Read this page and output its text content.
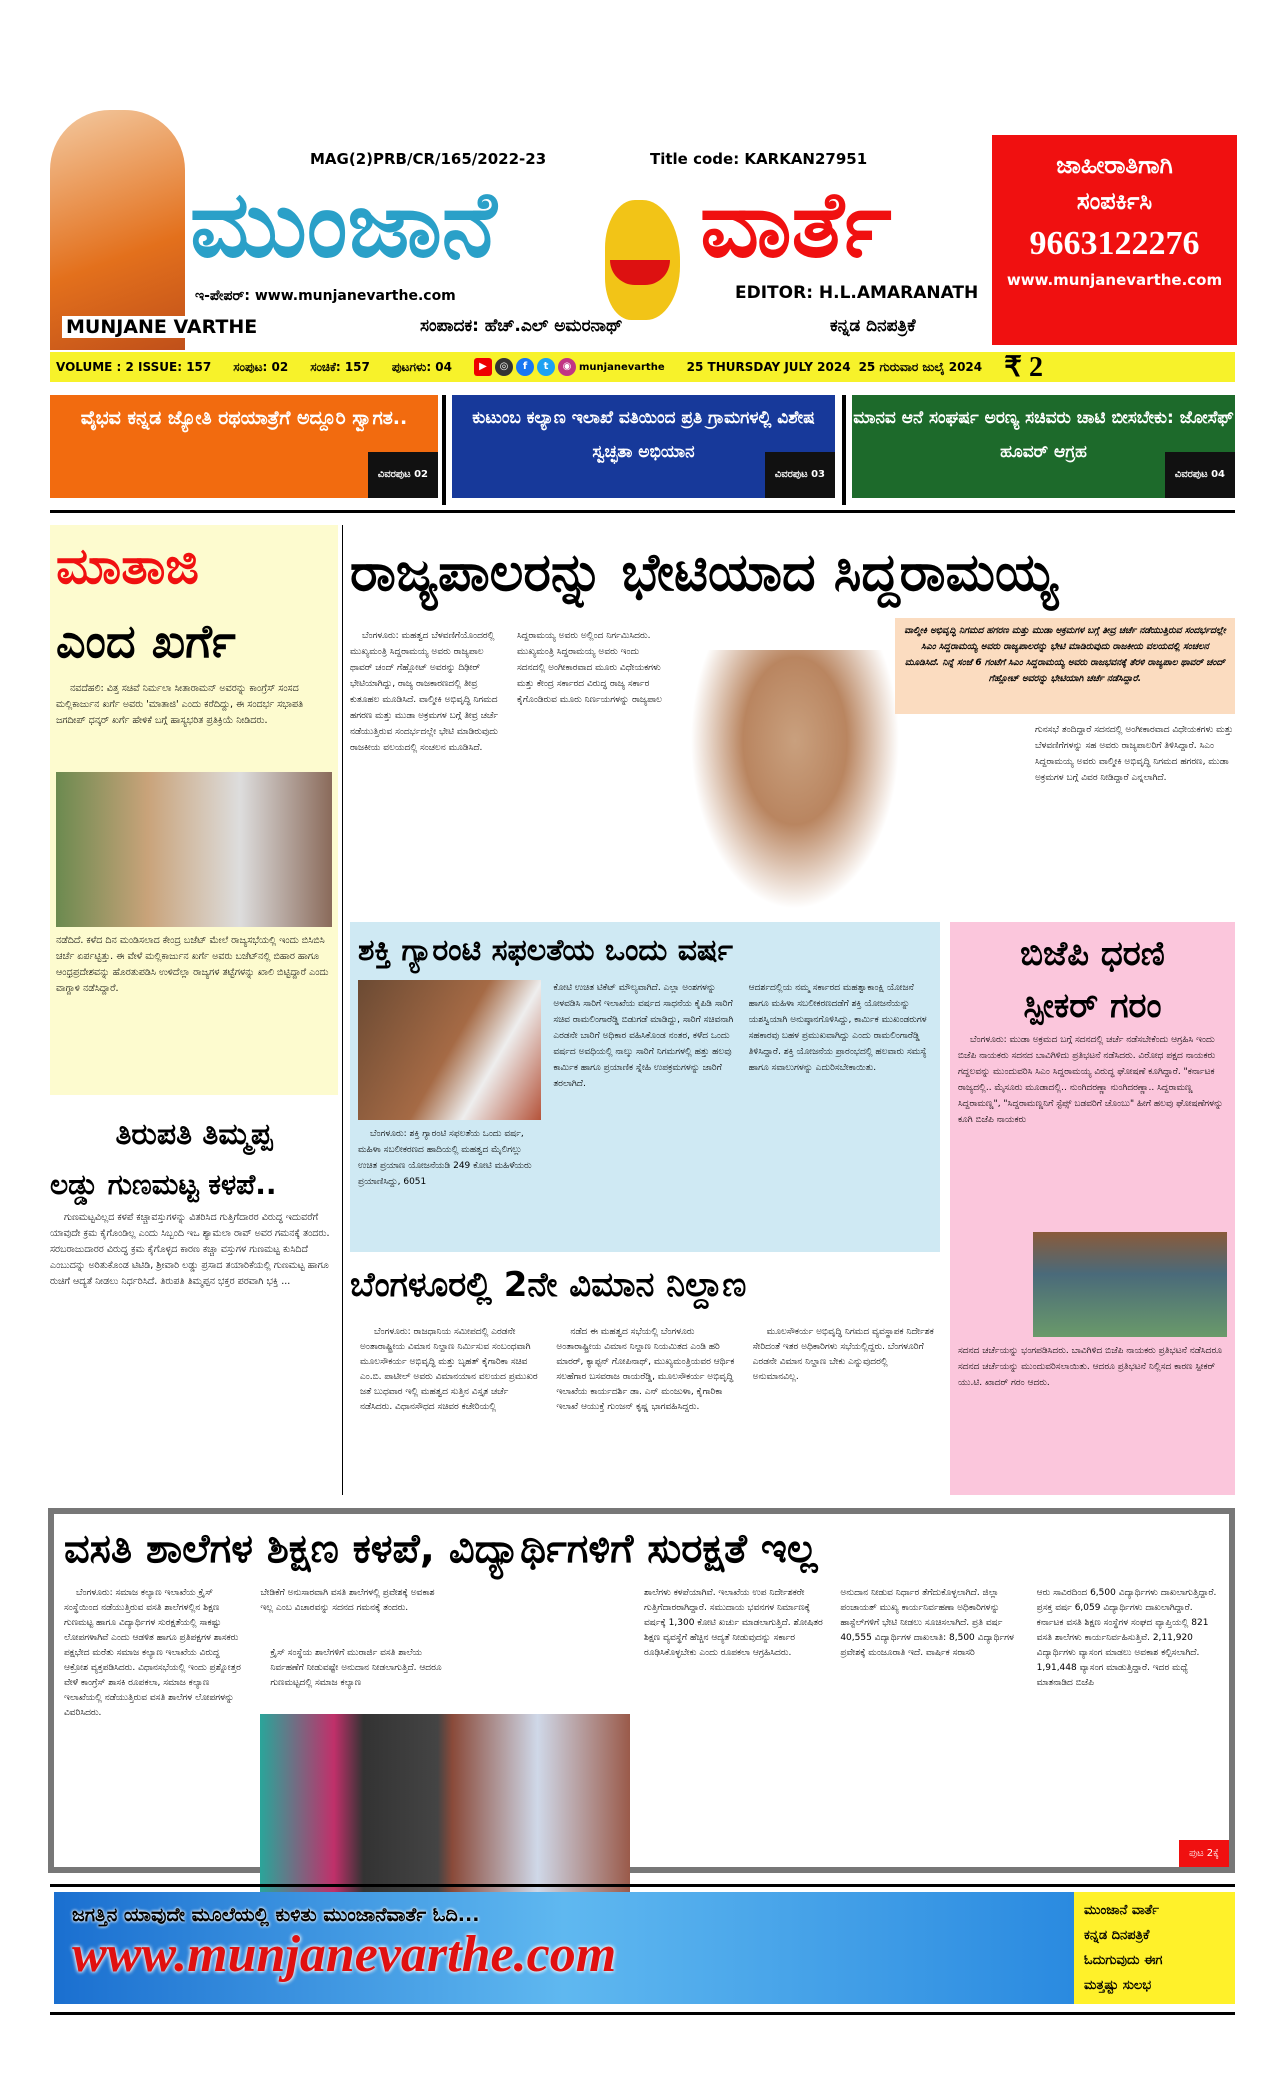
MUNJANE VARTHE
MAG(2)PRB/CR/165/2022-23	Title code: KARKAN27951
ಮುಂಜಾನೆ ವಾರ್ತೆ
ಇ-ಪೇಪರ್: www.munjanevarthe.com	EDITOR: H.L.AMARANATH
ಸಂಪಾದಕ: ಹೆಚ್.ಎಲ್ ಅಮರನಾಥ್	ಕನ್ನಡ ದಿನಪತ್ರಿಕೆ
ಜಾಹೀರಾತಿಗಾಗಿ
ಸಂಪರ್ಕಿಸಿ
9663122276
www.munjanevarthe.com
VOLUME : 2 ISSUE: 157 ಸಂಪುಟ: 02 ಸಂಚಿಕೆ: 157 ಪುಟಗಳು: 04	▶	◎	f	t	◉ munjanevarthe 25 THURSDAY JULY 2024 25 ಗುರುವಾರ ಜುಲೈ 2024 ₹ 2
ವೈಭವ ಕನ್ನಡ ಜ್ಯೋತಿ ರಥಯಾತ್ರೆಗೆ ಅದ್ದೂರಿ ಸ್ವಾಗತ..
ವಿವರಪುಟ 02
ಕುಟುಂಬ ಕಲ್ಯಾಣ ಇಲಾಖೆ ವತಿಯಿಂದ ಪ್ರತಿ ಗ್ರಾಮಗಳಲ್ಲಿ ವಿಶೇಷ ಸ್ವಚ್ಛತಾ ಅಭಿಯಾನ
ವಿವರಪುಟ 03
ಮಾನವ ಆನೆ ಸಂಘರ್ಷ ಅರಣ್ಯ ಸಚಿವರು ಚಾಟಿ ಬೀಸಬೇಕು: ಜೋಸೆಫ್ ಹೂವರ್ ಆಗ್ರಹ
ವಿವರಪುಟ 04
ಮಾತಾಜಿ
ಎಂದ ಖರ್ಗೆ

ನವದೆಹಲಿ: ವಿತ್ತ ಸಚಿವೆ ನಿರ್ಮಲಾ ಸೀತಾರಾಮನ್ ಅವರನ್ನು ಕಾಂಗ್ರೆಸ್ ಸಂಸದ ಮಲ್ಲಿಕಾರ್ಜುನ ಖರ್ಗೆ ಅವರು 'ಮಾತಾಜಿ' ಎಂದು ಕರೆದಿದ್ದು, ಈ ಸಂದರ್ಭ ಸಭಾಪತಿ ಜಗದೀಪ್ ಧನ್ಕರ್ ಖರ್ಗೆ ಹೇಳಿಕೆ ಬಗ್ಗೆ ಹಾಸ್ಯಭರಿತ ಪ್ರತಿಕ್ರಿಯೆ ನೀಡಿದರು.

ನಡೆದಿದೆ. ಕಳೆದ ದಿನ ಮಂಡಿಸಲಾದ ಕೇಂದ್ರ ಬಜೆಟ್ ಮೇಲೆ ರಾಜ್ಯಸಭೆಯಲ್ಲಿ ಇಂದು ಬಿಸಿಬಿಸಿ ಚರ್ಚೆ ಏರ್ಪಟ್ಟಿತ್ತು. ಈ ವೇಳೆ ಮಲ್ಲಿಕಾರ್ಜುನ ಖರ್ಗೆ ಅವರು ಬಜೆಟ್‌ನಲ್ಲಿ ಬಿಹಾರ ಹಾಗೂ ಆಂಧ್ರಪ್ರದೇಶವನ್ನು ಹೊರತುಪಡಿಸಿ ಉಳಿದೆಲ್ಲಾ ರಾಜ್ಯಗಳ ತಟ್ಟೆಗಳನ್ನು ಖಾಲಿ ಬಿಟ್ಟಿದ್ದಾರೆ ಎಂದು ವಾಗ್ದಾಳಿ ನಡೆಸಿದ್ದಾರೆ.

ತಿರುಪತಿ ತಿಮ್ಮಪ್ಪ
ಲಡ್ಡು ಗುಣಮಟ್ಟ ಕಳಪೆ..

ಗುಣಮಟ್ಟವಿಲ್ಲದ ಕಳಪೆ ಕಚ್ಚಾವಸ್ತುಗಳನ್ನು ವಿತರಿಸಿದ ಗುತ್ತಿಗೆದಾರರ ವಿರುದ್ಧ ಇದುವರೆಗೆ ಯಾವುದೇ ಕ್ರಮ ಕೈಗೊಂಡಿಲ್ಲ ಎಂದು ಸಿಬ್ಬಂದಿ ಇಒ ಶ್ಯಾಮಲಾ ರಾವ್ ಅವರ ಗಮನಕ್ಕೆ ತಂದರು. ಸರಬರಾಜುದಾರರ ವಿರುದ್ಧ ಕ್ರಮ ಕೈಗೊಳ್ಳದ ಕಾರಣ ಕಚ್ಚಾ ವಸ್ತುಗಳ ಗುಣಮಟ್ಟ ಕುಸಿದಿದೆ ಎಂಬುದನ್ನು ಅರಿತುಕೊಂಡ ಟಿಟಿಡಿ, ಶ್ರೀವಾರಿ ಲಡ್ಡು ಪ್ರಸಾದ ತಯಾರಿಕೆಯಲ್ಲಿ ಗುಣಮಟ್ಟ ಹಾಗೂ ರುಚಿಗೆ ಆದ್ಯತೆ ನೀಡಲು ನಿರ್ಧರಿಸಿದೆ. ತಿರುಪತಿ ತಿಮ್ಮಪ್ಪನ ಭಕ್ತರ ಪರವಾಗಿ ಭಕ್ತಿ ...

ರಾಜ್ಯಪಾಲರನ್ನು ಭೇಟಿಯಾದ ಸಿದ್ದರಾಮಯ್ಯ

ಬೆಂಗಳೂರು: ಮಹತ್ವದ ಬೆಳವಣಿಗೆಯೊಂದರಲ್ಲಿ ಮುಖ್ಯಮಂತ್ರಿ ಸಿದ್ದರಾಮಯ್ಯ ಅವರು ರಾಜ್ಯಪಾಲ ಥಾವರ್ ಚಂದ್ ಗೆಹ್ಲೋಟ್ ಅವರನ್ನು ದಿಢೀರ್ ಭೇಟಿಯಾಗಿದ್ದು, ರಾಜ್ಯ ರಾಜಕಾರಣದಲ್ಲಿ ತೀವ್ರ ಕುತೂಹಲ ಮೂಡಿಸಿದೆ. ವಾಲ್ಮೀಕಿ ಅಭಿವೃದ್ಧಿ ನಿಗಮದ ಹಗರಣ ಮತ್ತು ಮುಡಾ ಅಕ್ರಮಗಳ ಬಗ್ಗೆ ತೀವ್ರ ಚರ್ಚೆ ನಡೆಯುತ್ತಿರುವ ಸಂದರ್ಭದಲ್ಲೇ ಭೇಟಿ ಮಾಡಿರುವುದು ರಾಜಕೀಯ ವಲಯದಲ್ಲಿ ಸಂಚಲನ ಮೂಡಿಸಿದೆ.

ಸಿದ್ದರಾಮಯ್ಯ ಅವರು ಅಲ್ಲಿಂದ ನಿರ್ಗಮಿಸಿದರು. ಮುಖ್ಯಮಂತ್ರಿ ಸಿದ್ದರಾಮಯ್ಯ ಅವರು ಇಂದು ಸದನದಲ್ಲಿ ಅಂಗೀಕಾರವಾದ ಮೂರು ವಿಧೇಯಕಗಳು ಮತ್ತು ಕೇಂದ್ರ ಸರ್ಕಾರದ ವಿರುದ್ಧ ರಾಜ್ಯ ಸರ್ಕಾರ ಕೈಗೊಂಡಿರುವ ಮೂರು ನಿರ್ಣಯಗಳನ್ನು ರಾಜ್ಯಪಾಲ

ವಾಲ್ಮೀಕಿ ಅಭಿವೃದ್ಧಿ ನಿಗಮದ ಹಗರಣ ಮತ್ತು ಮುಡಾ ಅಕ್ರಮಗಳ ಬಗ್ಗೆ ತೀವ್ರ ಚರ್ಚೆ ನಡೆಯುತ್ತಿರುವ ಸಂದರ್ಭದಲ್ಲೇ ಸಿಎಂ ಸಿದ್ದರಾಮಯ್ಯ ಅವರು ರಾಜ್ಯಪಾಲರನ್ನು ಭೇಟಿ ಮಾಡಿರುವುದು ರಾಜಕೀಯ ವಲಯದಲ್ಲಿ ಸಂಚಲನ ಮೂಡಿಸಿದೆ. ನಿನ್ನೆ ಸಂಜೆ 6 ಗಂಟೆಗೆ ಸಿಎಂ ಸಿದ್ದರಾಮಯ್ಯ ಅವರು ರಾಜಭವನಕ್ಕೆ ತೆರಳಿ ರಾಜ್ಯಪಾಲ ಥಾವರ್ ಚಂದ್ ಗೆಹ್ಲೋಟ್ ಅವರನ್ನು ಭೇಟಿಯಾಗಿ ಚರ್ಚೆ ನಡೆಸಿದ್ದಾರೆ.

ಗುನಸಭೆ ತಂದಿದ್ದಾರೆ ಸದನದಲ್ಲಿ ಅಂಗೀಕಾರವಾದ ವಿಧೇಯಕಗಳು ಮತ್ತು ಬೆಳವಣಿಗೆಗಳನ್ನು ಸಹ ಅವರು ರಾಜ್ಯಪಾಲರಿಗೆ ತಿಳಿಸಿದ್ದಾರೆ. ಸಿಎಂ ಸಿದ್ದರಾಮಯ್ಯ ಅವರು ವಾಲ್ಮೀಕಿ ಅಭಿವೃದ್ಧಿ ನಿಗಮದ ಹಗರಣ, ಮುಡಾ ಅಕ್ರಮಗಳ ಬಗ್ಗೆ ವಿವರ ನೀಡಿದ್ದಾರೆ ಎನ್ನಲಾಗಿದೆ.

ಶಕ್ತಿ ಗ್ಯಾರಂಟಿ ಸಫಲತೆಯ ಒಂದು ವರ್ಷ

ಬೆಂಗಳೂರು: ಶಕ್ತಿ ಗ್ಯಾರಂಟಿ ಸಫಲತೆಯ ಒಂದು ವರ್ಷ, ಮಹಿಳಾ ಸಬಲೀಕರಣದ ಹಾದಿಯಲ್ಲಿ ಮಹತ್ವದ ಮೈಲಿಗಲ್ಲು ಉಚಿತ ಪ್ರಯಾಣ ಯೋಜನೆಯಡಿ 249 ಕೋಟಿ ಮಹಿಳೆಯರು ಪ್ರಯಾಣಿಸಿದ್ದು, 6051

ಕೋಟಿ ಉಚಿತ ಟಿಕೆಟ್ ಮೌಲ್ಯವಾಗಿದೆ. ಎಲ್ಲಾ ಅಂಶಗಳನ್ನು ಅಳವಡಿಸಿ ಸಾರಿಗೆ ಇಲಾಖೆಯ ವರ್ಷದ ಸಾಧನೆಯ ಕೈಪಿಡಿ ಸಾರಿಗೆ ಸಚಿವ ರಾಮಲಿಂಗಾರೆಡ್ಡಿ ಬಿಡುಗಡೆ ಮಾಡಿದ್ದು, ಸಾರಿಗೆ ಸಚಿವನಾಗಿ ಎರಡನೇ ಬಾರಿಗೆ ಅಧಿಕಾರ ವಹಿಸಿಕೊಂಡ ನಂತರ, ಕಳೆದ ಒಂದು ವರ್ಷದ ಅವಧಿಯಲ್ಲಿ ನಾಲ್ಕು ಸಾರಿಗೆ ನಿಗಮಗಳಲ್ಲಿ ಹತ್ತು ಹಲವು ಕಾರ್ಮಿಕ ಹಾಗೂ ಪ್ರಯಾಣಿಕ ಸ್ನೇಹಿ ಉಪಕ್ರಮಗಳನ್ನು ಜಾರಿಗೆ ತರಲಾಗಿದೆ.

ಆದರ್ಶದಲ್ಲಿಯ ನಮ್ಮ ಸರ್ಕಾರದ ಮಹತ್ವಾಕಾಂಕ್ಷಿ ಯೋಜನೆ ಹಾಗೂ ಮಹಿಳಾ ಸಬಲೀಕರಣದಡೆಗೆ ಶಕ್ತಿ ಯೋಜನೆಯನ್ನು ಯಶಸ್ವಿಯಾಗಿ ಅನುಷ್ಠಾನಗೊಳಿಸಿದ್ದು, ಕಾರ್ಮಿಕ ಮುಖಂಡರುಗಳ ಸಹಕಾರವು ಬಹಳ ಪ್ರಮುಖವಾಗಿದ್ದು ಎಂದು ರಾಮಲಿಂಗಾರೆಡ್ಡಿ ತಿಳಿಸಿದ್ದಾರೆ. ಶಕ್ತಿ ಯೋಜನೆಯ ಪ್ರಾರಂಭದಲ್ಲಿ ಹಲವಾರು ಸಮಸ್ಯೆ ಹಾಗೂ ಸವಾಲುಗಳನ್ನು ಎದುರಿಸಬೇಕಾಯಿತು.

ಬಿಜೆಪಿ ಧರಣಿ
ಸ್ಪೀಕರ್ ಗರಂ

ಬೆಂಗಳೂರು: ಮುಡಾ ಅಕ್ರಮದ ಬಗ್ಗೆ ಸದನದಲ್ಲಿ ಚರ್ಚೆ ನಡೆಸಬೇಕೆಂದು ಆಗ್ರಹಿಸಿ ಇಂದು ಬಿಜೆಪಿ ನಾಯಕರು ಸದನದ ಬಾವಿಗಿಳಿದು ಪ್ರತಿಭಟನೆ ನಡೆಸಿದರು. ವಿರೋಧ ಪಕ್ಷದ ನಾಯಕರು ಗದ್ದಲವನ್ನು ಮುಂದುವರಿಸಿ ಸಿಎಂ ಸಿದ್ದರಾಮಯ್ಯ ವಿರುದ್ಧ ಘೋಷಣೆ ಕೂಗಿದ್ದಾರೆ. "ಕರ್ನಾಟಕ ರಾಜ್ಯದಲ್ಲಿ.. ಮೈಸೂರು ಮೂಡಾದಲ್ಲಿ.. ನುಂಗಿದರಣ್ಣಾ ನುಂಗಿದರಣ್ಣಾ.. ಸಿದ್ದರಾಮಣ್ಣ ಸಿದ್ದರಾಮಣ್ಣ", "ಸಿದ್ದರಾಮಣ್ಣನಿಗೆ ಸ್ಟೆಪ್ಸ್ ಬಡವರಿಗೆ ಚೊಂಬು" ಹೀಗೆ ಹಲವು ಘೋಷಣೆಗಳನ್ನು ಕೂಗಿ ಬಿಜೆಪಿ ನಾಯಕರು

ಸದನದ ಚರ್ಚೆಯನ್ನು ಭಂಗಪಡಿಸಿದರು. ಬಾವಿಗಿಳಿದ ಬಿಜೆಪಿ ನಾಯಕರು ಪ್ರತಿಭಟನೆ ನಡೆಸಿದರೂ ಸದನದ ಚರ್ಚೆಯನ್ನು ಮುಂದುವರಿಸಲಾಯಿತು. ಆದರೂ ಪ್ರತಿಭಟನೆ ನಿಲ್ಲಿಸದ ಕಾರಣ ಸ್ಪೀಕರ್ ಯು.ಟಿ. ಖಾದರ್ ಗರಂ ಆದರು.

ಬೆಂಗಳೂರಲ್ಲಿ 2ನೇ ವಿಮಾನ ನಿಲ್ದಾಣ

ಬೆಂಗಳೂರು: ರಾಜಧಾನಿಯ ಸಮೀಪದಲ್ಲಿ ಎರಡನೇ ಅಂತಾರಾಷ್ಟ್ರೀಯ ವಿಮಾನ ನಿಲ್ದಾಣ ನಿರ್ಮಿಸುವ ಸಂಬಂಧವಾಗಿ ಮೂಲಸೌಕರ್ಯ ಅಭಿವೃದ್ಧಿ ಮತ್ತು ಬೃಹತ್ ಕೈಗಾರಿಕಾ ಸಚಿವ ಎಂ.ಬಿ. ಪಾಟೀಲ್ ಅವರು ವಿಮಾನಯಾನ ವಲಯದ ಪ್ರಮುಖರ ಜತೆ ಬುಧವಾರ ಇಲ್ಲಿ ಮಹತ್ವದ ಸುತ್ತಿನ ವಿಸ್ತೃತ ಚರ್ಚೆ ನಡೆಸಿದರು. ವಿಧಾನಸೌಧದ ಸಚಿವರ ಕಚೇರಿಯಲ್ಲಿ

ನಡೆದ ಈ ಮಹತ್ವದ ಸಭೆಯಲ್ಲಿ ಬೆಂಗಳೂರು ಅಂತಾರಾಷ್ಟ್ರೀಯ ವಿಮಾನ ನಿಲ್ದಾಣ ನಿಯಮಿತದ ಎಂಡಿ ಹರಿ ಮಾರರ್, ಕ್ಯಾಪ್ಟನ್ ಗೋಪಿನಾಥ್, ಮುಖ್ಯಮಂತ್ರಿಯವರ ಆರ್ಥಿಕ ಸಲಹೆಗಾರ ಬಸವರಾಜ ರಾಯರೆಡ್ಡಿ, ಮೂಲಸೌಕರ್ಯ ಅಭಿವೃದ್ಧಿ ಇಲಾಖೆಯ ಕಾರ್ಯದರ್ಶಿ ಡಾ. ಎನ್ ಮಂಜುಳಾ, ಕೈಗಾರಿಕಾ ಇಲಾಖೆ ಆಯುಕ್ತೆ ಗುಂಜನ್ ಕೃಷ್ಣ ಭಾಗವಹಿಸಿದ್ದರು.

ಮೂಲಸೌಕರ್ಯ ಅಭಿವೃದ್ಧಿ ನಿಗಮದ ವ್ಯವಸ್ಥಾಪಕ ನಿರ್ದೇಶಕ ಸೇರಿದಂತೆ ಇತರ ಅಧಿಕಾರಿಗಳು ಸಭೆಯಲ್ಲಿದ್ದರು. ಬೆಂಗಳೂರಿಗೆ ಎರಡನೇ ವಿಮಾನ ನಿಲ್ದಾಣ ಬೇಕು ಎನ್ನುವುದರಲ್ಲಿ ಅನುಮಾನವಿಲ್ಲ.

ವಸತಿ ಶಾಲೆಗಳ ಶಿಕ್ಷಣ ಕಳಪೆ, ವಿದ್ಯಾರ್ಥಿಗಳಿಗೆ ಸುರಕ್ಷತೆ ಇಲ್ಲ

ಬೆಂಗಳೂರು: ಸಮಾಜ ಕಲ್ಯಾಣ ಇಲಾಖೆಯ ಕ್ರೈಸ್ ಸಂಸ್ಥೆಯಿಂದ ನಡೆಯುತ್ತಿರುವ ವಸತಿ ಶಾಲೆಗಳಲ್ಲಿನ ಶಿಕ್ಷಣ ಗುಣಮಟ್ಟ ಹಾಗೂ ವಿದ್ಯಾರ್ಥಿಗಳ ಸುರಕ್ಷತೆಯಲ್ಲಿ ಸಾಕಷ್ಟು ಲೋಪಗಳಾಗಿವೆ ಎಂದು ಆಡಳಿತ ಹಾಗೂ ಪ್ರತಿಪಕ್ಷಗಳ ಶಾಸಕರು ಪಕ್ಷಭೇದ ಮರೆತು ಸಮಾಜ ಕಲ್ಯಾಣ ಇಲಾಖೆಯ ವಿರುದ್ಧ ಆಕ್ರೋಶ ವ್ಯಕ್ತಪಡಿಸಿದರು. ವಿಧಾನಸಭೆಯಲ್ಲಿ ಇಂದು ಪ್ರಶ್ನೋತ್ತರ ವೇಳೆ ಕಾಂಗ್ರೆಸ್ ಶಾಸಕಿ ರೂಪಕಲಾ, ಸಮಾಜ ಕಲ್ಯಾಣ ಇಲಾಖೆಯಲ್ಲಿ ನಡೆಯುತ್ತಿರುವ ವಸತಿ ಶಾಲೆಗಳ ಲೋಪಗಳನ್ನು ವಿವರಿಸಿದರು.

ಬೇಡಿಕೆಗೆ ಅನುಸಾರವಾಗಿ ವಸತಿ ಶಾಲೆಗಳಲ್ಲಿ ಪ್ರವೇಶಕ್ಕೆ ಅವಕಾಶ ಇಲ್ಲ ಎಂಬ ವಿಚಾರವನ್ನು ಸದನದ ಗಮನಕ್ಕೆ ತಂದರು.

ಕ್ರೈಸ್ ಸಂಸ್ಥೆಯ ಶಾಲೆಗಳಿಗೆ ಮುರಾರ್ಜಿ ವಸತಿ ಶಾಲೆಯ ನಿರ್ವಹಣೆಗೆ ನೀಡುವಷ್ಟೇ ಅನುದಾನ ನೀಡಲಾಗುತ್ತಿದೆ. ಆದರೂ ಗುಣಮಟ್ಟದಲ್ಲಿ ಸಮಾಜ ಕಲ್ಯಾಣ

ಶಾಲೆಗಳು ಕಳಪೆಯಾಗಿವೆ. ಇಲಾಖೆಯ ಉಪ ನಿರ್ದೇಶಕರೇ ಗುತ್ತಿಗೆದಾರರಾಗಿದ್ದಾರೆ. ಸಮುದಾಯ ಭವನಗಳ ನಿರ್ಮಾಣಕ್ಕೆ ವರ್ಷಕ್ಕೆ 1,300 ಕೋಟಿ ಖರ್ಚು ಮಾಡಲಾಗುತ್ತಿದೆ. ಶೋಷಿತರ ಶಿಕ್ಷಣ ವ್ಯವಸ್ಥೆಗೆ ಹೆಚ್ಚಿನ ಆದ್ಯತೆ ನೀಡುವುದನ್ನು ಸರ್ಕಾರ ರೂಢಿಸಿಕೊಳ್ಳಬೇಕು ಎಂದು ರೂಪಕಲಾ ಆಗ್ರಹಿಸಿದರು.

ಅನುದಾನ ನೀಡುವ ನಿರ್ಧಾರ ತೆಗೆದುಕೊಳ್ಳಲಾಗಿದೆ. ಜಿಲ್ಲಾ ಪಂಚಾಯತ್ ಮುಖ್ಯ ಕಾರ್ಯನಿರ್ವಹಣಾ ಅಧಿಕಾರಿಗಳನ್ನು ಹಾಸ್ಟೆಲ್‌ಗಳಿಗೆ ಭೇಟಿ ನೀಡಲು ಸೂಚಿಸಲಾಗಿದೆ. ಪ್ರತಿ ವರ್ಷ 40,555 ವಿದ್ಯಾರ್ಥಿಗಳ ದಾಖಲಾತಿ: 8,500 ವಿದ್ಯಾರ್ಥಿಗಳ ಪ್ರವೇಶಕ್ಕೆ ಮಂಜೂರಾತಿ ಇದೆ. ವಾರ್ಷಿಕ ಸರಾಸರಿ

ಆರು ಸಾವಿರದಿಂದ 6,500 ವಿದ್ಯಾರ್ಥಿಗಳು ದಾಖಲಾಗುತ್ತಿದ್ದಾರೆ. ಪ್ರಸಕ್ತ ವರ್ಷ 6,059 ವಿದ್ಯಾರ್ಥಿಗಳು ದಾಖಲಾಗಿದ್ದಾರೆ. ಕರ್ನಾಟಕ ವಸತಿ ಶಿಕ್ಷಣ ಸಂಸ್ಥೆಗಳ ಸಂಘದ ವ್ಯಾಪ್ತಿಯಲ್ಲಿ 821 ವಸತಿ ಶಾಲೆಗಳು ಕಾರ್ಯನಿರ್ವಹಿಸುತ್ತಿವೆ. 2,11,920 ವಿದ್ಯಾರ್ಥಿಗಳು ವ್ಯಾಸಂಗ ಮಾಡಲು ಅವಕಾಶ ಕಲ್ಪಿಸಲಾಗಿದೆ. 1,91,448 ವ್ಯಾಸಂಗ ಮಾಡುತ್ತಿದ್ದಾರೆ. ಇದರ ಮಧ್ಯೆ ಮಾತನಾಡಿದ ಬಿಜೆಪಿ

ಪುಟ 2ಕ್ಕೆ
ಜಗತ್ತಿನ ಯಾವುದೇ ಮೂಲೆಯಲ್ಲಿ ಕುಳಿತು ಮುಂಜಾನೆವಾರ್ತೆ ಓದಿ...
www.munjanevarthe.com
ಮುಂಜಾನೆ ವಾರ್ತೆ
ಕನ್ನಡ ದಿನಪತ್ರಿಕೆ
ಓದುಗುವುದು ಈಗ
ಮತ್ತಷ್ಟು ಸುಲಭ
